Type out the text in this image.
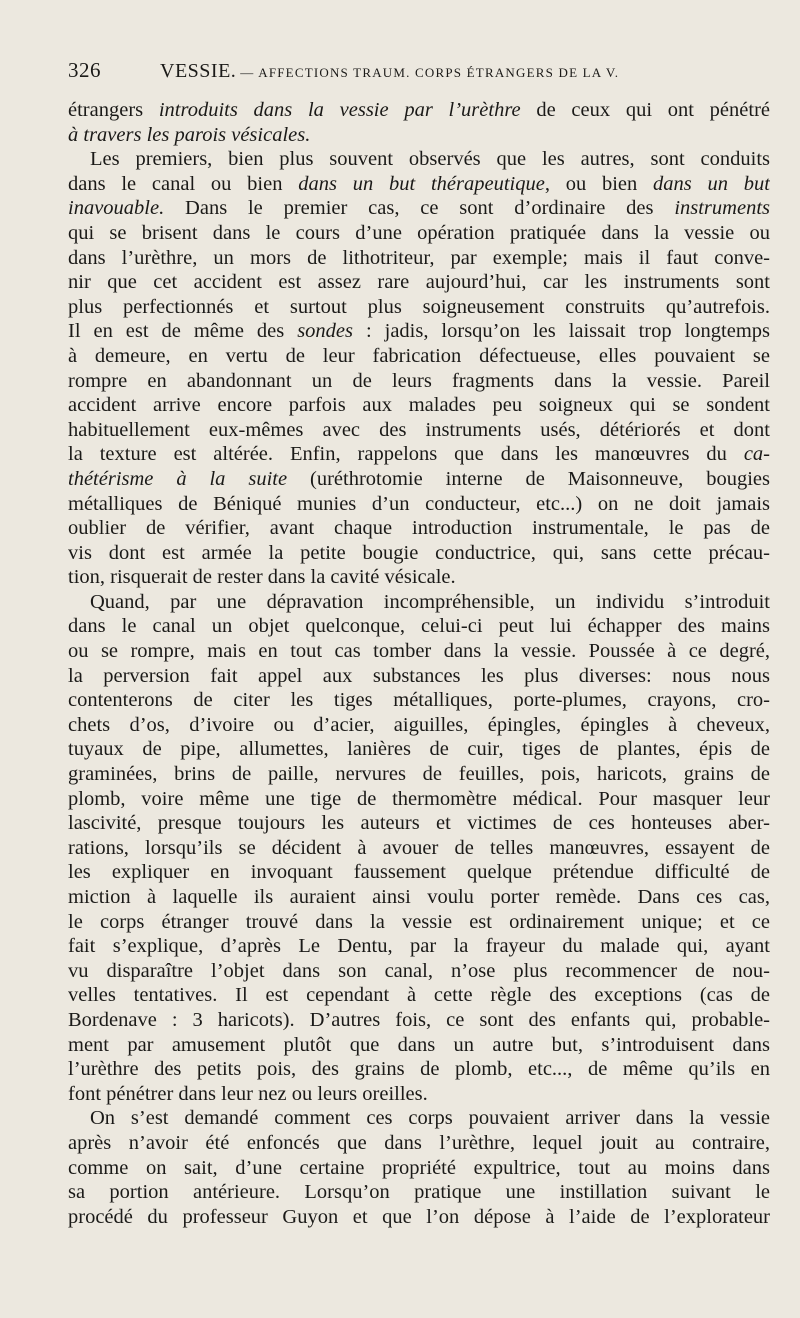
326	VESSIE. — AFFECTIONS TRAUM. CORPS ÉTRANGERS DE LA V.
étrangers introduits dans la vessie par l’urèthre de ceux qui ont pénétré
à travers les parois vésicales.
Les premiers, bien plus souvent observés que les autres, sont conduits
dans le canal ou bien dans un but thérapeutique, ou bien dans un but
inavouable. Dans le premier cas, ce sont d’ordinaire des instruments
qui se brisent dans le cours d’une opération pratiquée dans la vessie ou
dans l’urèthre, un mors de lithotriteur, par exemple; mais il faut conve-
nir que cet accident est assez rare aujourd’hui, car les instruments sont
plus perfectionnés et surtout plus soigneusement construits qu’autrefois.
Il en est de même des sondes : jadis, lorsqu’on les laissait trop longtemps
à demeure, en vertu de leur fabrication défectueuse, elles pouvaient se
rompre en abandonnant un de leurs fragments dans la vessie. Pareil
accident arrive encore parfois aux malades peu soigneux qui se sondent
habituellement eux-mêmes avec des instruments usés, détériorés et dont
la texture est altérée. Enfin, rappelons que dans les manœuvres du ca-
thétérisme à la suite (uréthrotomie interne de Maisonneuve, bougies
métalliques de Béniqué munies d’un conducteur, etc...) on ne doit jamais
oublier de vérifier, avant chaque introduction instrumentale, le pas de
vis dont est armée la petite bougie conductrice, qui, sans cette précau-
tion, risquerait de rester dans la cavité vésicale.
Quand, par une dépravation incompréhensible, un individu s’introduit
dans le canal un objet quelconque, celui-ci peut lui échapper des mains
ou se rompre, mais en tout cas tomber dans la vessie. Poussée à ce degré,
la perversion fait appel aux substances les plus diverses: nous nous
contenterons de citer les tiges métalliques, porte-plumes, crayons, cro-
chets d’os, d’ivoire ou d’acier, aiguilles, épingles, épingles à cheveux,
tuyaux de pipe, allumettes, lanières de cuir, tiges de plantes, épis de
graminées, brins de paille, nervures de feuilles, pois, haricots, grains de
plomb, voire même une tige de thermomètre médical. Pour masquer leur
lascivité, presque toujours les auteurs et victimes de ces honteuses aber-
rations, lorsqu’ils se décident à avouer de telles manœuvres, essayent de
les expliquer en invoquant faussement quelque prétendue difficulté de
miction à laquelle ils auraient ainsi voulu porter remède. Dans ces cas,
le corps étranger trouvé dans la vessie est ordinairement unique; et ce
fait s’explique, d’après Le Dentu, par la frayeur du malade qui, ayant
vu disparaître l’objet dans son canal, n’ose plus recommencer de nou-
velles tentatives. Il est cependant à cette règle des exceptions (cas de
Bordenave : 3 haricots). D’autres fois, ce sont des enfants qui, probable-
ment par amusement plutôt que dans un autre but, s’introduisent dans
l’urèthre des petits pois, des grains de plomb, etc..., de même qu’ils en
font pénétrer dans leur nez ou leurs oreilles.
On s’est demandé comment ces corps pouvaient arriver dans la vessie
après n’avoir été enfoncés que dans l’urèthre, lequel jouit au contraire,
comme on sait, d’une certaine propriété expultrice, tout au moins dans
sa portion antérieure. Lorsqu’on pratique une instillation suivant le
procédé du professeur Guyon et que l’on dépose à l’aide de l’explorateur
